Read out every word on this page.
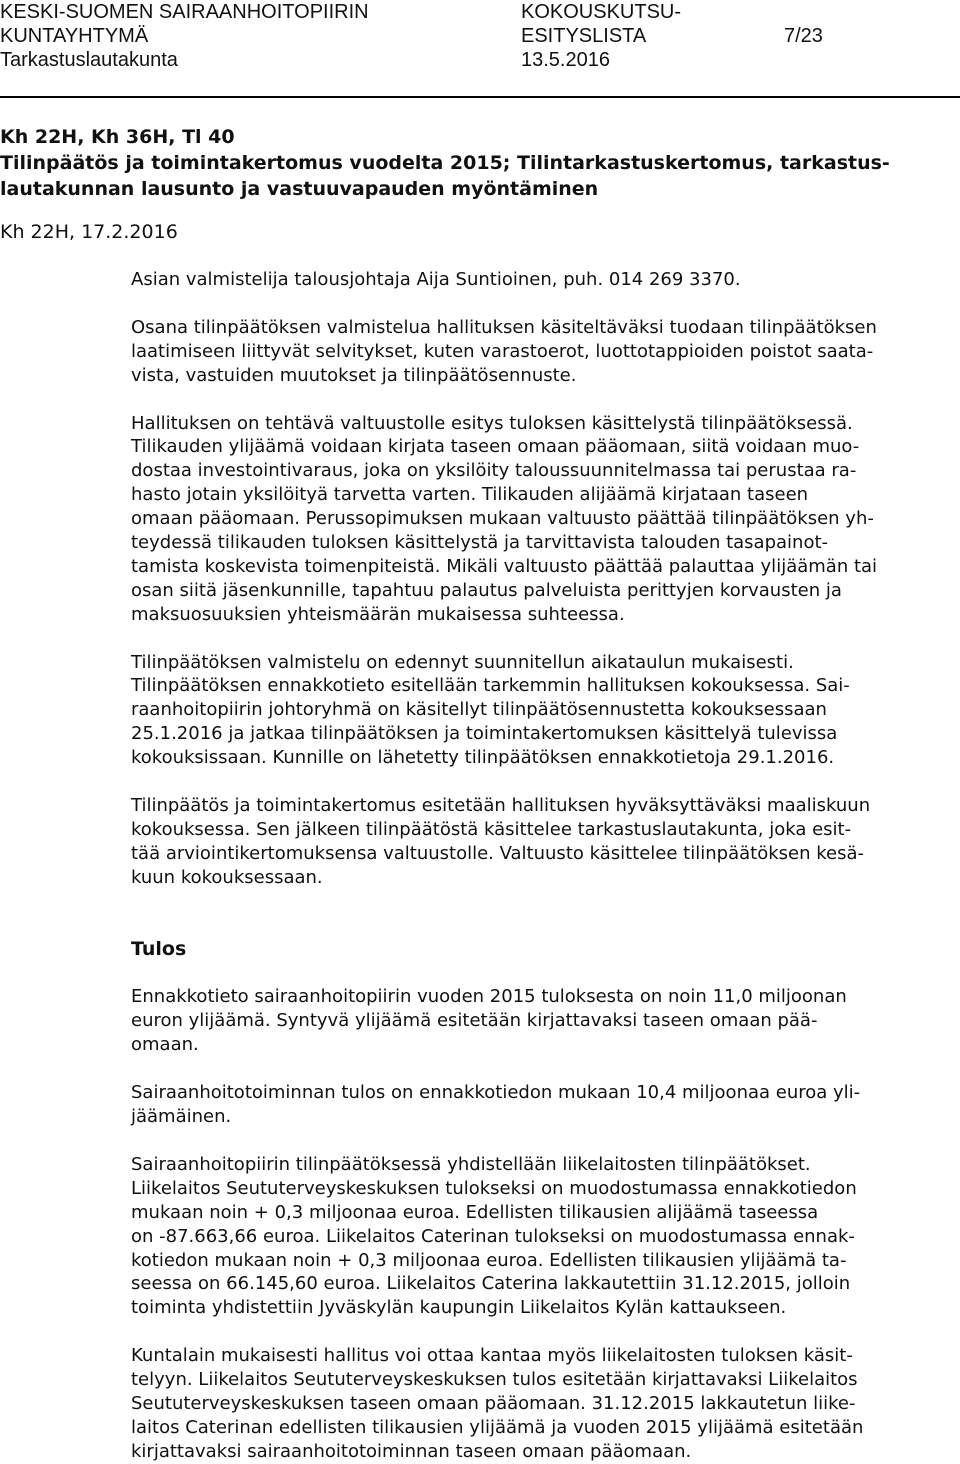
KESKI-SUOMEN SAIRAANHOITOPIIRIN
KUNTAYHTYMÄ
Tarkastuslautakunta
KOKOUSKUTSU-
ESITYSLISTA	7/23
13.5.2016
Kh 22H, Kh 36H, Tl 40
Tilinpäätös ja toimintakertomus vuodelta 2015; Tilintarkastuskertomus, tarkastus-
lautakunnan lausunto ja vastuuvapauden myöntäminen
Kh 22H, 17.2.2016
Asian valmistelija talousjohtaja Aija Suntioinen, puh. 014 269 3370.
Osana tilinpäätöksen valmistelua hallituksen käsiteltäväksi tuodaan tilinpäätöksen
laatimiseen liittyvät selvitykset, kuten varastoerot, luottotappioiden poistot saata-
vista, vastuiden muutokset ja tilinpäätösennuste.
Hallituksen on tehtävä valtuustolle esitys tuloksen käsittelystä tilinpäätöksessä.
Tilikauden ylijäämä voidaan kirjata taseen omaan pääomaan, siitä voidaan muo-
dostaa investointivaraus, joka on yksilöity taloussuunnitelmassa tai perustaa ra-
hasto jotain yksilöityä tarvetta varten. Tilikauden alijäämä kirjataan taseen
omaan pääomaan. Perussopimuksen mukaan valtuusto päättää tilinpäätöksen yh-
teydessä tilikauden tuloksen käsittelystä ja tarvittavista talouden tasapainot-
tamista koskevista toimenpiteistä. Mikäli valtuusto päättää palauttaa ylijäämän tai
osan siitä jäsenkunnille, tapahtuu palautus palveluista perittyjen korvausten ja
maksuosuuksien yhteismäärän mukaisessa suhteessa.
Tilinpäätöksen valmistelu on edennyt suunnitellun aikataulun mukaisesti.
Tilinpäätöksen ennakkotieto esitellään tarkemmin hallituksen kokouksessa. Sai-
raanhoitopiirin johtoryhmä on käsitellyt tilinpäätösennustetta kokouksessaan
25.1.2016 ja jatkaa tilinpäätöksen ja toimintakertomuksen käsittelyä tulevissa
kokouksissaan. Kunnille on lähetetty tilinpäätöksen ennakkotietoja 29.1.2016.
Tilinpäätös ja toimintakertomus esitetään hallituksen hyväksyttäväksi maaliskuun
kokouksessa. Sen jälkeen tilinpäätöstä käsittelee tarkastuslautakunta, joka esit-
tää arviointikertomuksensa valtuustolle. Valtuusto käsittelee tilinpäätöksen kesä-
kuun kokouksessaan.
Tulos
Ennakkotieto sairaanhoitopiirin vuoden 2015 tuloksesta on noin 11,0 miljoonan
euron ylijäämä. Syntyvä ylijäämä esitetään kirjattavaksi taseen omaan pää-
omaan.
Sairaanhoitotoiminnan tulos on ennakkotiedon mukaan 10,4 miljoonaa euroa yli-
jäämäinen.
Sairaanhoitopiirin tilinpäätöksessä yhdistellään liikelaitosten tilinpäätökset.
Liikelaitos Seututerveyskeskuksen tulokseksi on muodostumassa ennakkotiedon
mukaan noin + 0,3 miljoonaa euroa. Edellisten tilikausien alijäämä taseessa
on -87.663,66 euroa. Liikelaitos Caterinan tulokseksi on muodostumassa ennak-
kotiedon mukaan noin + 0,3 miljoonaa euroa. Edellisten tilikausien ylijäämä ta-
seessa on 66.145,60 euroa. Liikelaitos Caterina lakkautettiin 31.12.2015, jolloin
toiminta yhdistettiin Jyväskylän kaupungin Liikelaitos Kylän kattaukseen.
Kuntalain mukaisesti hallitus voi ottaa kantaa myös liikelaitosten tuloksen käsit-
telyyn. Liikelaitos Seututerveyskeskuksen tulos esitetään kirjattavaksi Liikelaitos
Seututerveyskeskuksen taseen omaan pääomaan. 31.12.2015 lakkautetun liike-
laitos Caterinan edellisten tilikausien ylijäämä ja vuoden 2015 ylijäämä esitetään
kirjattavaksi sairaanhoitotoiminnan taseen omaan pääomaan.
